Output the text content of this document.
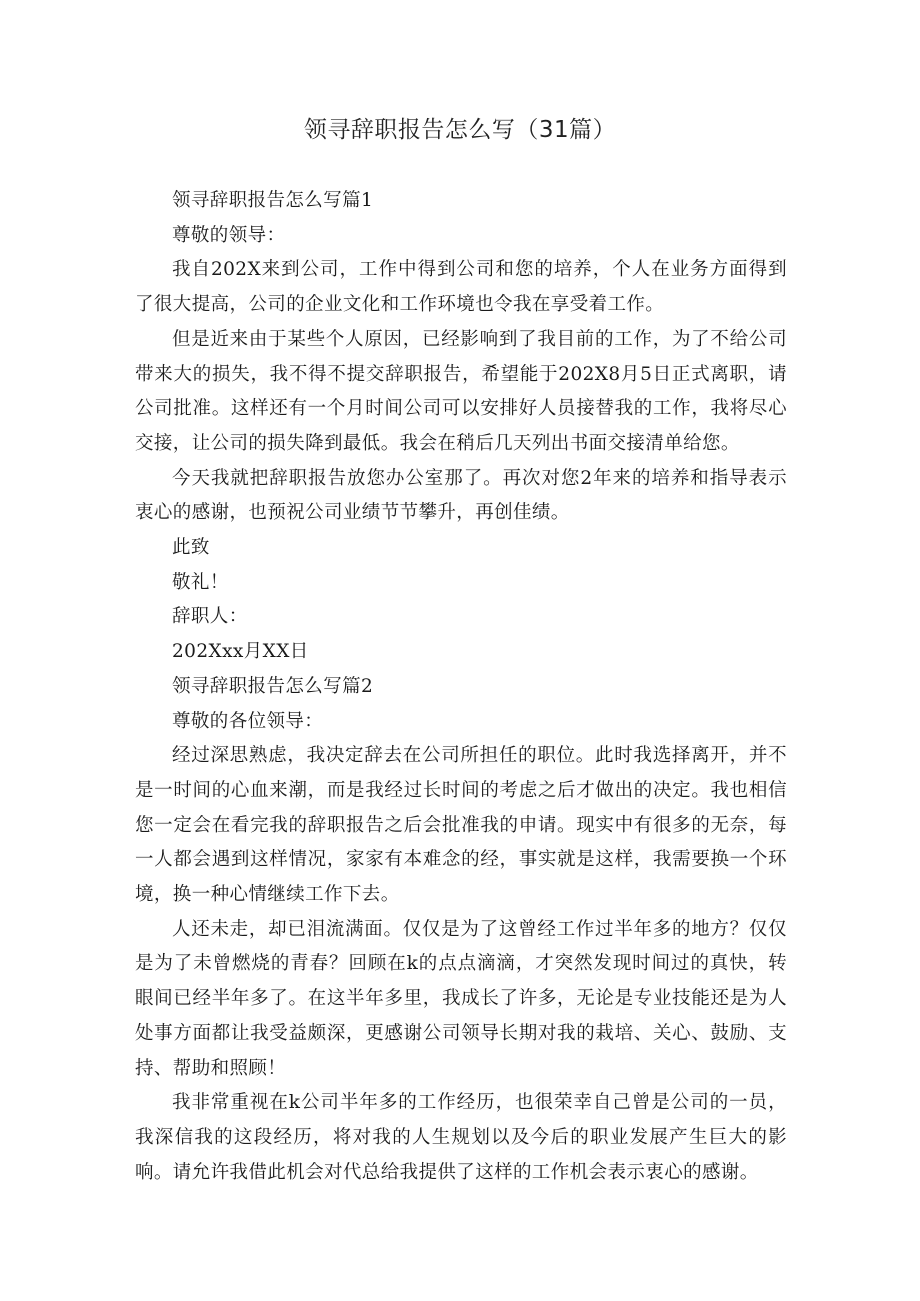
领寻辞职报告怎么写（31篇）

领寻辞职报告怎么写篇1

尊敬的领导：

我自202X来到公司，工作中得到公司和您的培养，个人在业务方面得到了很大提高，公司的企业文化和工作环境也令我在享受着工作。

但是近来由于某些个人原因，已经影响到了我目前的工作，为了不给公司带来大的损失，我不得不提交辞职报告，希望能于202X8月5日正式离职，请公司批准。这样还有一个月时间公司可以安排好人员接替我的工作，我将尽心交接，让公司的损失降到最低。我会在稍后几天列出书面交接清单给您。

今天我就把辞职报告放您办公室那了。再次对您2年来的培养和指导表示衷心的感谢，也预祝公司业绩节节攀升，再创佳绩。

此致

敬礼！

辞职人：

202Xxx月XX日

领寻辞职报告怎么写篇2

尊敬的各位领导：

经过深思熟虑，我决定辞去在公司所担任的职位。此时我选择离开，并不是一时间的心血来潮，而是我经过长时间的考虑之后才做出的决定。我也相信您一定会在看完我的辞职报告之后会批准我的申请。现实中有很多的无奈，每一人都会遇到这样情况，家家有本难念的经，事实就是这样，我需要换一个环境，换一种心情继续工作下去。

人还未走，却已泪流满面。仅仅是为了这曾经工作过半年多的地方？仅仅是为了未曾燃烧的青春？回顾在k的点点滴滴，才突然发现时间过的真快，转眼间已经半年多了。在这半年多里，我成长了许多，无论是专业技能还是为人处事方面都让我受益颇深，更感谢公司领导长期对我的栽培、关心、鼓励、支持、帮助和照顾！

我非常重视在k公司半年多的工作经历，也很荣幸自己曾是公司的一员，我深信我的这段经历，将对我的人生规划以及今后的职业发展产生巨大的影响。请允许我借此机会对代总给我提供了这样的工作机会表示衷心的感谢。
